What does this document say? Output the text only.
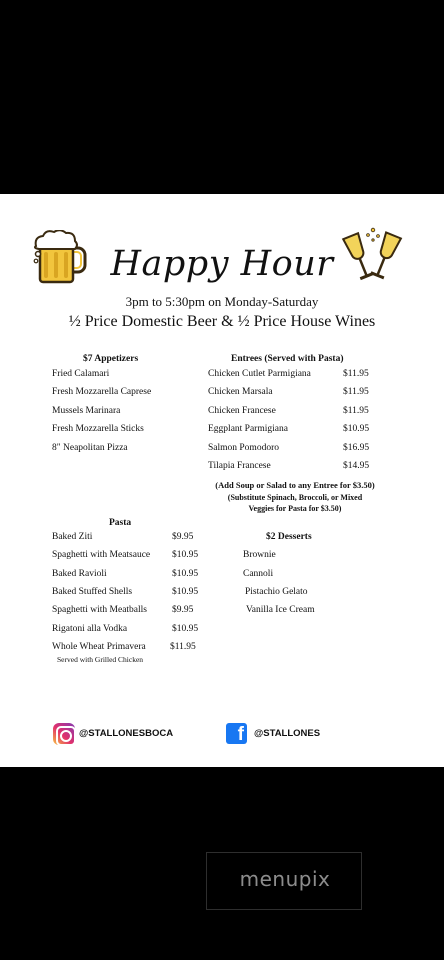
Happy Hour
3pm to 5:30pm on Monday-Saturday
½ Price Domestic Beer & ½ Price House Wines
$7 Appetizers
Fried Calamari
Fresh Mozzarella Caprese
Mussels Marinara
Fresh Mozzarella Sticks
8" Neapolitan Pizza
Entrees (Served with Pasta)
Chicken Cutlet Parmigiana	$11.95
Chicken Marsala	$11.95
Chicken Francese	$11.95
Eggplant Parmigiana	$10.95
Salmon Pomodoro	$16.95
Tilapia Francese	$14.95
(Add Soup or Salad to any Entree for $3.50)
(Substitute Spinach, Broccoli, or Mixed
Veggies for Pasta for $3.50)
Pasta
Baked Ziti	$9.95
Spaghetti with Meatsauce $10.95
Baked Ravioli	$10.95
Baked Stuffed Shells	$10.95
Spaghetti with Meatballs	$9.95
Rigatoni alla Vodka	$10.95
Whole Wheat Primavera	$11.95
Served with Grilled Chicken
$2 Desserts
Brownie
Cannoli
Pistachio Gelato
Vanilla Ice Cream
@STALLONESBOCA	f @STALLONES
menupix
